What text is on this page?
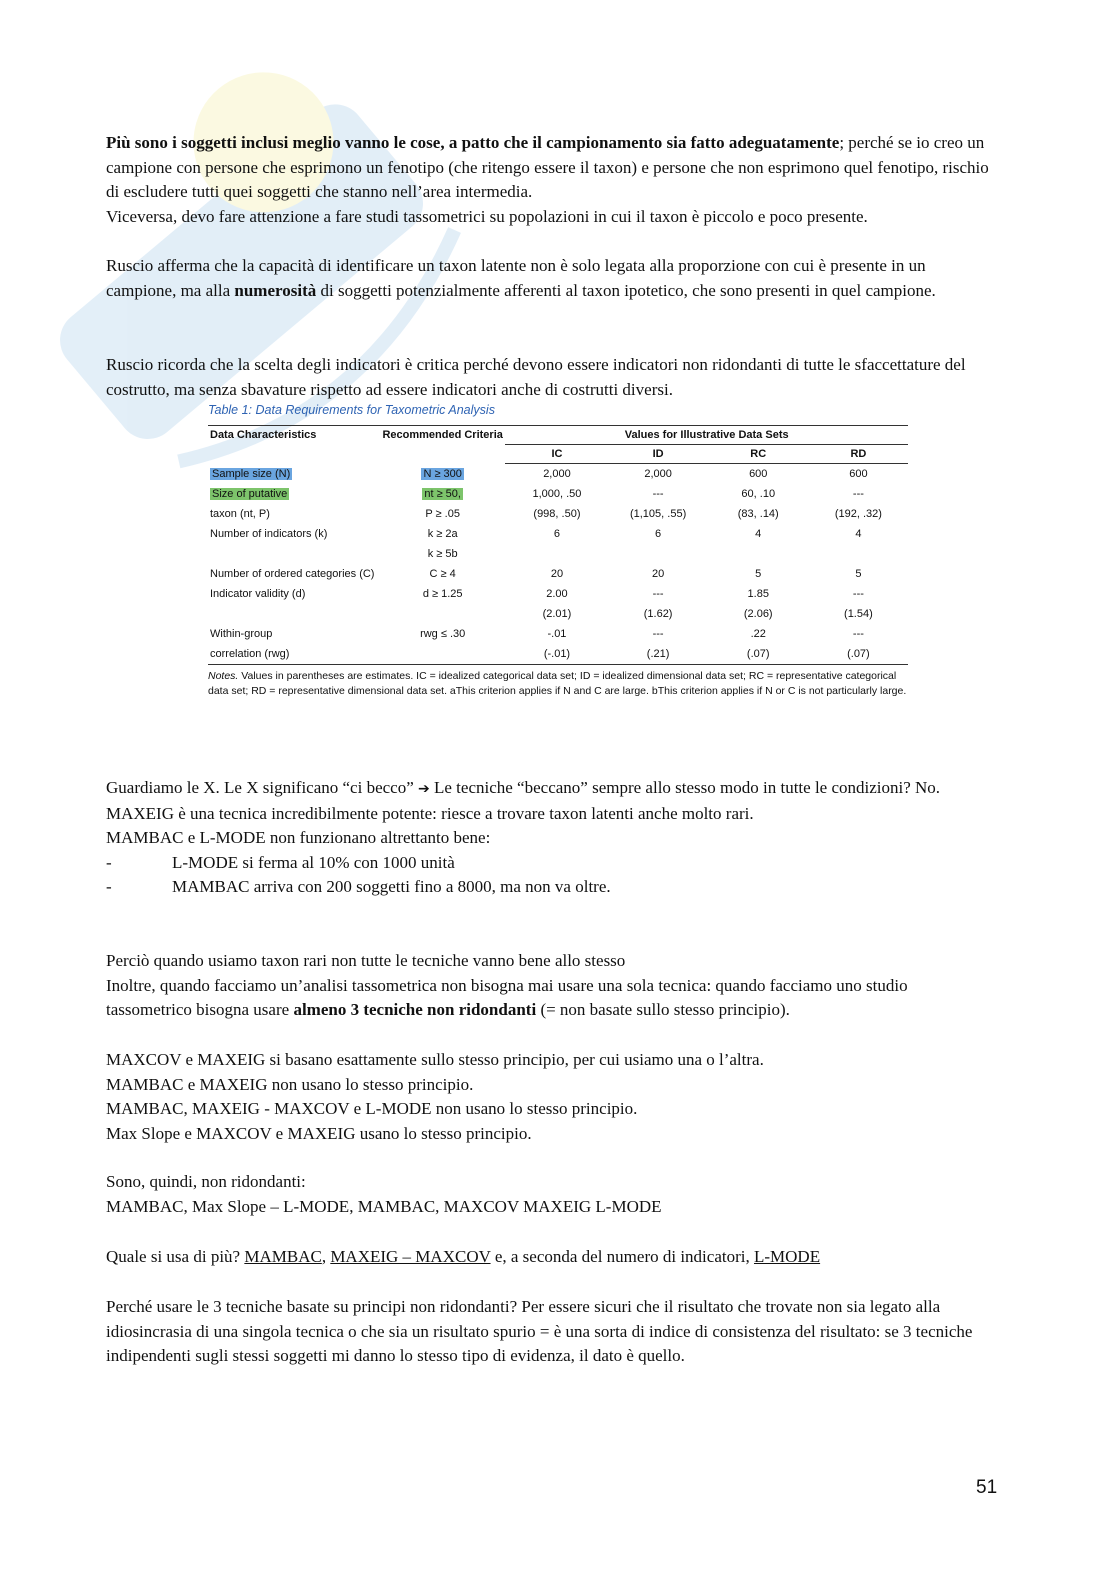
Più sono i soggetti inclusi meglio vanno le cose, a patto che il campionamento sia fatto adeguatamente; perché se io creo un campione con persone che esprimono un fenotipo (che ritengo essere il taxon) e persone che non esprimono quel fenotipo, rischio di escludere tutti quei soggetti che stanno nell’area intermedia.

Viceversa, devo fare attenzione a fare studi tassometrici su popolazioni in cui il taxon è piccolo e poco presente.

Ruscio afferma che la capacità di identificare un taxon latente non è solo legata alla proporzione con cui è presente in un campione, ma alla numerosità di soggetti potenzialmente afferenti al taxon ipotetico, che sono presenti in quel campione.

Ruscio ricorda che la scelta degli indicatori è critica perché devono essere indicatori non ridondanti di tutte le sfaccettature del costrutto, ma senza sbavature rispetto ad essere indicatori anche di costrutti diversi.

Table 1: Data Requirements for Taxometric Analysis
Data Characteristics	Recommended Criteria	Values for Illustrative Data Sets			
		IC	ID	RC	RD
Sample size (N)	N ≥ 300	2,000	2,000	600	600
Size of putative	nt ≥ 50,	1,000, .50	---	60, .10	---
taxon (nt, P)	P ≥ .05	(998, .50)	(1,105, .55)	(83, .14)	(192, .32)
Number of indicators (k)	k ≥ 2a	6	6	4	4
	k ≥ 5b				
Number of ordered categories (C)	C ≥ 4	20	20	5	5
Indicator validity (d)	d ≥ 1.25	2.00	---	1.85	---
		(2.01)	(1.62)	(2.06)	(1.54)
Within-group	rwg ≤ .30	-.01	---	.22	---
correlation (rwg)		(-.01)	(.21)	(.07)	(.07)
Notes. Values in parentheses are estimates. IC = idealized categorical data set; ID = idealized dimensional data set; RC = representative categorical data set; RD = representative dimensional data set. aThis criterion applies if N and C are large. bThis criterion applies if N or C is not particularly large.

Guardiamo le X. Le X significano “ci becco” ➔ Le tecniche “beccano” sempre allo stesso modo in tutte le condizioni? No.

MAXEIG è una tecnica incredibilmente potente: riesce a trovare taxon latenti anche molto rari.

MAMBAC e L-MODE non funzionano altrettanto bene:

-	L-MODE si ferma al 10% con 1000 unità
-	MAMBAC arriva con 200 soggetti fino a 8000, ma non va oltre.

Perciò quando usiamo taxon rari non tutte le tecniche vanno bene allo stesso

Inoltre, quando facciamo un’analisi tassometrica non bisogna mai usare una sola tecnica: quando facciamo uno studio tassometrico bisogna usare almeno 3 tecniche non ridondanti (= non basate sullo stesso principio).

MAXCOV e MAXEIG si basano esattamente sullo stesso principio, per cui usiamo una o l’altra.

MAMBAC e MAXEIG non usano lo stesso principio.

MAMBAC, MAXEIG - MAXCOV e L-MODE non usano lo stesso principio.

Max Slope e MAXCOV e MAXEIG usano lo stesso principio.

Sono, quindi, non ridondanti:

MAMBAC, Max Slope – L-MODE, MAMBAC, MAXCOV MAXEIG L-MODE

Quale si usa di più? MAMBAC, MAXEIG – MAXCOV e, a seconda del numero di indicatori, L-MODE

Perché usare le 3 tecniche basate su principi non ridondanti? Per essere sicuri che il risultato che trovate non sia legato alla idiosincrasia di una singola tecnica o che sia un risultato spurio = è una sorta di indice di consistenza del risultato: se 3 tecniche indipendenti sugli stessi soggetti mi danno lo stesso tipo di evidenza, il dato è quello.

51
